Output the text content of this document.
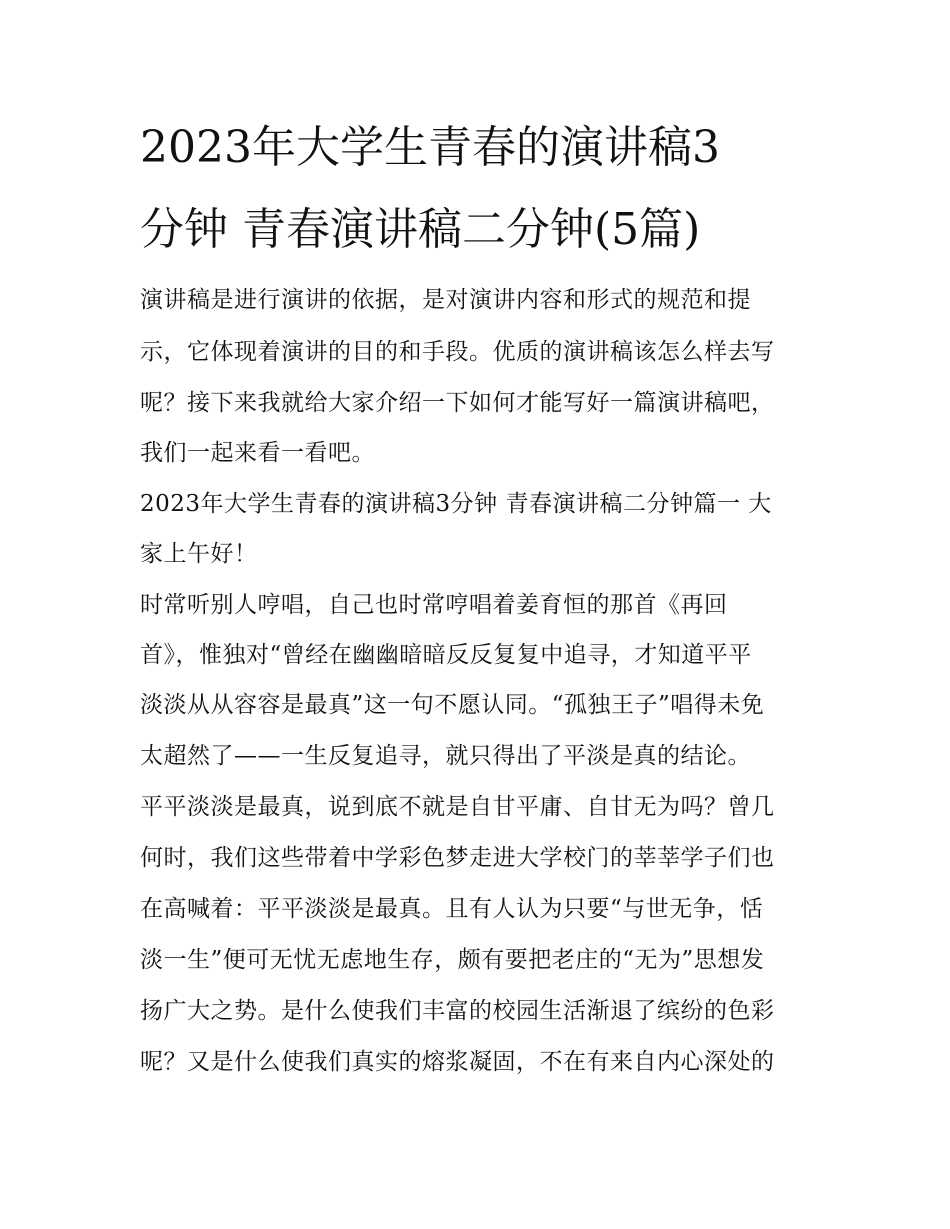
2023年大学生青春的演讲稿3
分钟 青春演讲稿二分钟(5篇)
演讲稿是进行演讲的依据，是对演讲内容和形式的规范和提
示，它体现着演讲的目的和手段。优质的演讲稿该怎么样去写
呢？接下来我就给大家介绍一下如何才能写好一篇演讲稿吧，
我们一起来看一看吧。
2023年大学生青春的演讲稿3分钟 青春演讲稿二分钟篇一 大
家上午好！
时常听别人哼唱，自己也时常哼唱着姜育恒的那首《再回
首》，惟独对“曾经在幽幽暗暗反反复复中追寻，才知道平平
淡淡从从容容是最真”这一句不愿认同。“孤独王子”唱得未免
太超然了——一生反复追寻，就只得出了平淡是真的结论。
平平淡淡是最真，说到底不就是自甘平庸、自甘无为吗？曾几
何时，我们这些带着中学彩色梦走进大学校门的莘莘学子们也
在高喊着：平平淡淡是最真。且有人认为只要“与世无争，恬
淡一生”便可无忧无虑地生存，颇有要把老庄的“无为”思想发
扬广大之势。是什么使我们丰富的校园生活渐退了缤纷的色彩
呢？又是什么使我们真实的熔浆凝固，不在有来自内心深处的
